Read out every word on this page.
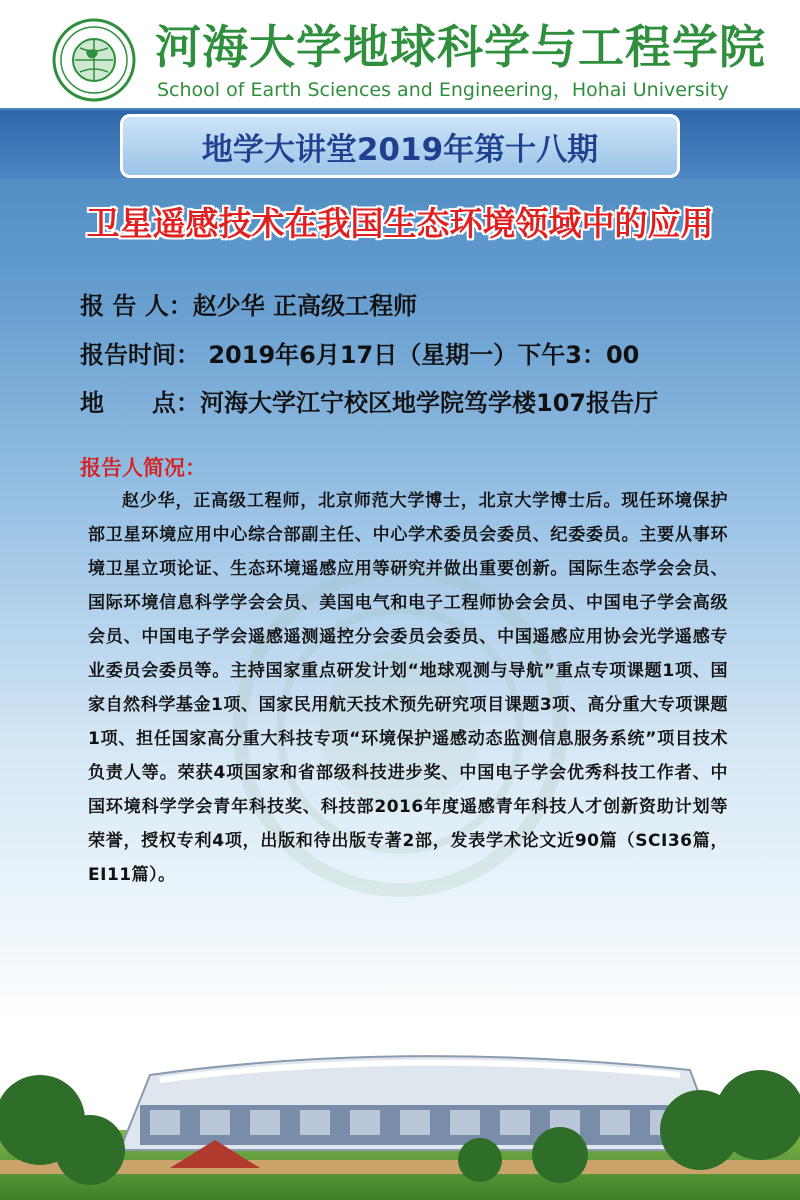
河海大学地球科学与工程学院
School of Earth Sciences and Engineering，Hohai University
地学大讲堂2019年第十八期
卫星遥感技术在我国生态环境领域中的应用
报 告 人：赵少华 正高级工程师
报告时间： 2019年6月17日（星期一）下午3：00
地　　点：河海大学江宁校区地学院笃学楼107报告厅
报告人简况：
赵少华，正高级工程师，北京师范大学博士，北京大学博士后。现任环境保护部卫星环境应用中心综合部副主任、中心学术委员会委员、纪委委员。主要从事环境卫星立项论证、生态环境遥感应用等研究并做出重要创新。国际生态学会会员、国际环境信息科学学会会员、美国电气和电子工程师协会会员、中国电子学会高级会员、中国电子学会遥感遥测遥控分会委员会委员、中国遥感应用协会光学遥感专业委员会委员等。主持国家重点研发计划“地球观测与导航”重点专项课题1项、国家自然科学基金1项、国家民用航天技术预先研究项目课题3项、高分重大专项课题1项、担任国家高分重大科技专项“环境保护遥感动态监测信息服务系统”项目技术负责人等。荣获4项国家和省部级科技进步奖、中国电子学会优秀科技工作者、中国环境科学学会青年科技奖、科技部2016年度遥感青年科技人才创新资助计划等荣誉，授权专利4项，出版和待出版专著2部，发表学术论文近90篇（SCI36篇，EI11篇）。
